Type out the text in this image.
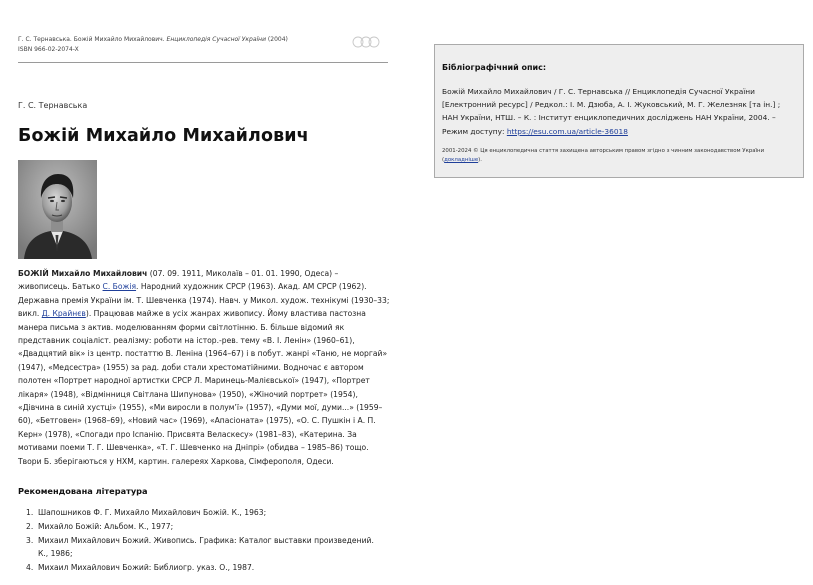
Г. С. Тернавська. Божій Михайло Михайлович. Енциклопедія Сучасної України (2004)
ISBN 966-02-2074-X
Г. С. Тернавська
Божій Михайло Михайлович
БОЖІЙ Михайло Михайлович (07. 09. 1911, Миколаїв – 01. 01. 1990, Одеса) – живописець. Батько С. Божія. Народний художник СРСР (1963). Акад. АМ СРСР (1962). Державна премія України ім. Т. Шевченка (1974). Навч. у Микол. худож. технікумі (1930–33; викл. Д. Крайнєв). Працював майже в усіх жанрах живопису. Йому властива пастозна манера письма з актив. моделюванням форми світлотінню. Б. більше відомий як представник соціаліст. реалізму: роботи на істор.-рев. тему «В. І. Ленін» (1960–61), «Двадцятий вік» із центр. постаттю В. Леніна (1964–67) і в побут. жанрі «Таню, не моргай» (1947), «Медсестра» (1955) за рад. доби стали хрестоматійними. Водночас є автором полотен «Портрет народної артистки СРСР Л. Маринець-Малієвської» (1947), «Портрет лікаря» (1948), «Відмінниця Світлана Шипунова» (1950), «Жіночий портрет» (1954), «Дівчина в синій хустці» (1955), «Ми виросли в полум’ї» (1957), «Думи мої, думи...» (1959–60), «Бетговен» (1968–69), «Новий час» (1969), «Апасіоната» (1975), «О. С. Пушкін і А. П. Керн» (1978), «Спогади про Іспанію. Присвята Веласкесу» (1981–83), «Катерина. За мотивами поеми Т. Г. Шевченка», «Т. Г. Шевченко на Дніпрі» (обидва – 1985–86) тощо. Твори Б. зберігаються у НХМ, картин. галереях Харкова, Сімферополя, Одеси.
Рекомендована література
1. Шапошников Ф. Г. Михайло Михайлович Божій. К., 1963;
2. Михайло Божій: Альбом. К., 1977;
3. Михаил Михайлович Божий. Живопись. Графика: Каталог выставки произведений. К., 1986;
4. Михаил Михайлович Божий: Библиогр. указ. О., 1987.
Бібліографічний опис:
Божій Михайло Михайлович / Г. С. Тернавська // Енциклопедія Сучасної України [Електронний ресурс] / Редкол.: І. М. Дзюба, А. І. Жуковський, М. Г. Железняк [та ін.] ; НАН України, НТШ. – К. : Інститут енциклопедичних досліджень НАН України, 2004. – Режим доступу: https://esu.com.ua/article-36018
2001-2024 © Ця енциклопедична стаття захищена авторським правом згідно з чинним законодавством України (докладніше).
